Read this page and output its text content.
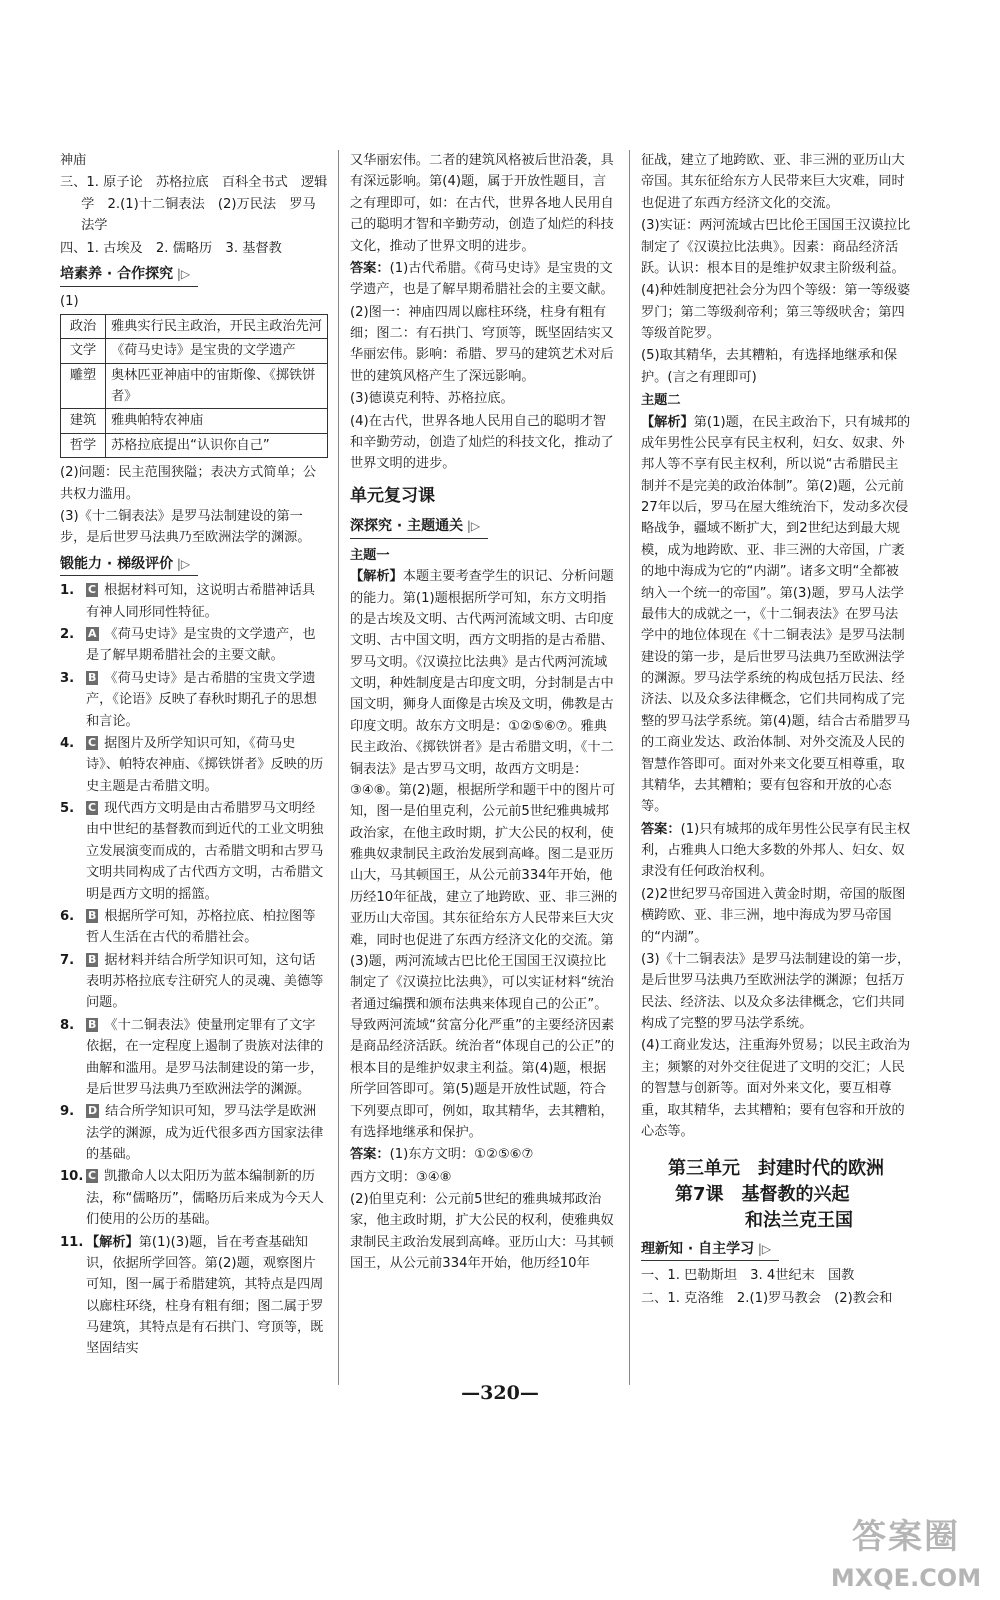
神庙

三、1. 原子论　苏格拉底　百科全书式　逻辑学　2.(1)十二铜表法　(2)万民法　罗马法学

四、1. 古埃及　2. 儒略历　3. 基督教

培素养 · 合作探究 |▷

(1)

政治	雅典实行民主政治，开民主政治先河
文学	《荷马史诗》是宝贵的文学遗产
雕塑	奥林匹亚神庙中的宙斯像、《掷铁饼者》
建筑	雅典帕特农神庙
哲学	苏格拉底提出“认识你自己”

(2)问题：民主范围狭隘；表决方式简单；公共权力滥用。

(3)《十二铜表法》是罗马法制建设的第一步，是后世罗马法典乃至欧洲法学的渊源。

锻能力 · 梯级评价 |▷
1.	C 根据材料可知，这说明古希腊神话具有神人同形同性特征。
2.	A 《荷马史诗》是宝贵的文学遗产，也是了解早期希腊社会的主要文献。
3.	B 《荷马史诗》是古希腊的宝贵文学遗产，《论语》反映了春秋时期孔子的思想和言论。
4.	C 据图片及所学知识可知，《荷马史诗》、帕特农神庙、《掷铁饼者》反映的历史主题是古希腊文明。
5.	C 现代西方文明是由古希腊罗马文明经由中世纪的基督教而到近代的工业文明独立发展演变而成的，古希腊文明和古罗马文明共同构成了古代西方文明，古希腊文明是西方文明的摇篮。
6.	B 根据所学可知，苏格拉底、柏拉图等哲人生活在古代的希腊社会。
7.	B 据材料并结合所学知识可知，这句话表明苏格拉底专注研究人的灵魂、美德等问题。
8.	B 《十二铜表法》使量刑定罪有了文字依据，在一定程度上遏制了贵族对法律的曲解和滥用。是罗马法制建设的第一步，是后世罗马法典乃至欧洲法学的渊源。
9.	D 结合所学知识可知，罗马法学是欧洲法学的渊源，成为近代很多西方国家法律的基础。
10. C 凯撒命人以太阳历为蓝本编制新的历法，称“儒略历”，儒略历后来成为今天人们使用的公历的基础。
11. 【解析】第(1)(3)题，旨在考查基础知识，依据所学回答。第(2)题，观察图片可知，图一属于希腊建筑，其特点是四周以廊柱环绕，柱身有粗有细；图二属于罗马建筑，其特点是有石拱门、穹顶等，既坚固结实

又华丽宏伟。二者的建筑风格被后世沿袭，具有深远影响。第(4)题，属于开放性题目，言之有理即可，如：在古代，世界各地人民用自己的聪明才智和辛勤劳动，创造了灿烂的科技文化，推动了世界文明的进步。

答案：(1)古代希腊。《荷马史诗》是宝贵的文学遗产，也是了解早期希腊社会的主要文献。

(2)图一：神庙四周以廊柱环绕，柱身有粗有细；图二：有石拱门、穹顶等，既坚固结实又华丽宏伟。影响：希腊、罗马的建筑艺术对后世的建筑风格产生了深远影响。

(3)德谟克利特、苏格拉底。

(4)在古代，世界各地人民用自己的聪明才智和辛勤劳动，创造了灿烂的科技文化，推动了世界文明的进步。

单元复习课
深探究 · 主题通关 |▷
主题一

【解析】本题主要考查学生的识记、分析问题的能力。第(1)题根据所学可知，东方文明指的是古埃及文明、古代两河流域文明、古印度文明、古中国文明，西方文明指的是古希腊、罗马文明。《汉谟拉比法典》是古代两河流域文明，种姓制度是古印度文明，分封制是古中国文明，狮身人面像是古埃及文明，佛教是古印度文明。故东方文明是：①②⑤⑥⑦。雅典民主政治、《掷铁饼者》是古希腊文明，《十二铜表法》是古罗马文明，故西方文明是：③④⑧。第(2)题，根据所学和题干中的图片可知，图一是伯里克利，公元前5世纪雅典城邦政治家，在他主政时期，扩大公民的权利，使雅典奴隶制民主政治发展到高峰。图二是亚历山大，马其顿国王，从公元前334年开始，他历经10年征战，建立了地跨欧、亚、非三洲的亚历山大帝国。其东征给东方人民带来巨大灾难，同时也促进了东西方经济文化的交流。第(3)题，两河流域古巴比伦王国国王汉谟拉比制定了《汉谟拉比法典》，可以实证材料“统治者通过编撰和颁布法典来体现自己的公正”。导致两河流域“贫富分化严重”的主要经济因素是商品经济活跃。统治者“体现自己的公正”的根本目的是维护奴隶主利益。第(4)题，根据所学回答即可。第(5)题是开放性试题，符合下列要点即可，例如，取其精华，去其糟粕，有选择地继承和保护。

答案：(1)东方文明：①②⑤⑥⑦

西方文明：③④⑧

(2)伯里克利：公元前5世纪的雅典城邦政治家，他主政时期，扩大公民的权利，使雅典奴隶制民主政治发展到高峰。亚历山大：马其顿国王，从公元前334年开始，他历经10年

征战，建立了地跨欧、亚、非三洲的亚历山大帝国。其东征给东方人民带来巨大灾难，同时也促进了东西方经济文化的交流。

(3)实证：两河流域古巴比伦王国国王汉谟拉比制定了《汉谟拉比法典》。因素：商品经济活跃。认识：根本目的是维护奴隶主阶级利益。

(4)种姓制度把社会分为四个等级：第一等级婆罗门；第二等级刹帝利；第三等级吠舍；第四等级首陀罗。

(5)取其精华，去其糟粕，有选择地继承和保护。(言之有理即可)

主题二

【解析】第(1)题，在民主政治下，只有城邦的成年男性公民享有民主权利，妇女、奴隶、外邦人等不享有民主权利，所以说“古希腊民主制并不是完美的政治体制”。第(2)题，公元前27年以后，罗马在屋大维统治下，发动多次侵略战争，疆域不断扩大，到2世纪达到最大规模，成为地跨欧、亚、非三洲的大帝国，广袤的地中海成为它的“内湖”。诸多文明“全都被纳入一个统一的帝国”。第(3)题，罗马人法学最伟大的成就之一，《十二铜表法》在罗马法学中的地位体现在《十二铜表法》是罗马法制建设的第一步，是后世罗马法典乃至欧洲法学的渊源。罗马法学系统的构成包括万民法、经济法、以及众多法律概念，它们共同构成了完整的罗马法学系统。第(4)题，结合古希腊罗马的工商业发达、政治体制、对外交流及人民的智慧作答即可。面对外来文化要互相尊重，取其精华，去其糟粕；要有包容和开放的心态等。

答案：(1)只有城邦的成年男性公民享有民主权利，占雅典人口绝大多数的外邦人、妇女、奴隶没有任何政治权利。

(2)2世纪罗马帝国进入黄金时期，帝国的版图横跨欧、亚、非三洲，地中海成为罗马帝国的“内湖”。

(3)《十二铜表法》是罗马法制建设的第一步，是后世罗马法典乃至欧洲法学的渊源；包括万民法、经济法、以及众多法律概念，它们共同构成了完整的罗马法学系统。

(4)工商业发达，注重海外贸易；以民主政治为主；频繁的对外交往促进了文明的交汇；人民的智慧与创新等。面对外来文化，要互相尊重，取其精华，去其糟粕；要有包容和开放的心态等。

第三单元　封建时代的欧洲
第7课　基督教的兴起
和法兰克王国
理新知 · 自主学习 |▷

一、1. 巴勒斯坦　3. 4世纪末　国教

二、1. 克洛维　2.(1)罗马教会　(2)教会和

—320—
答案圈
MXQE.COM
